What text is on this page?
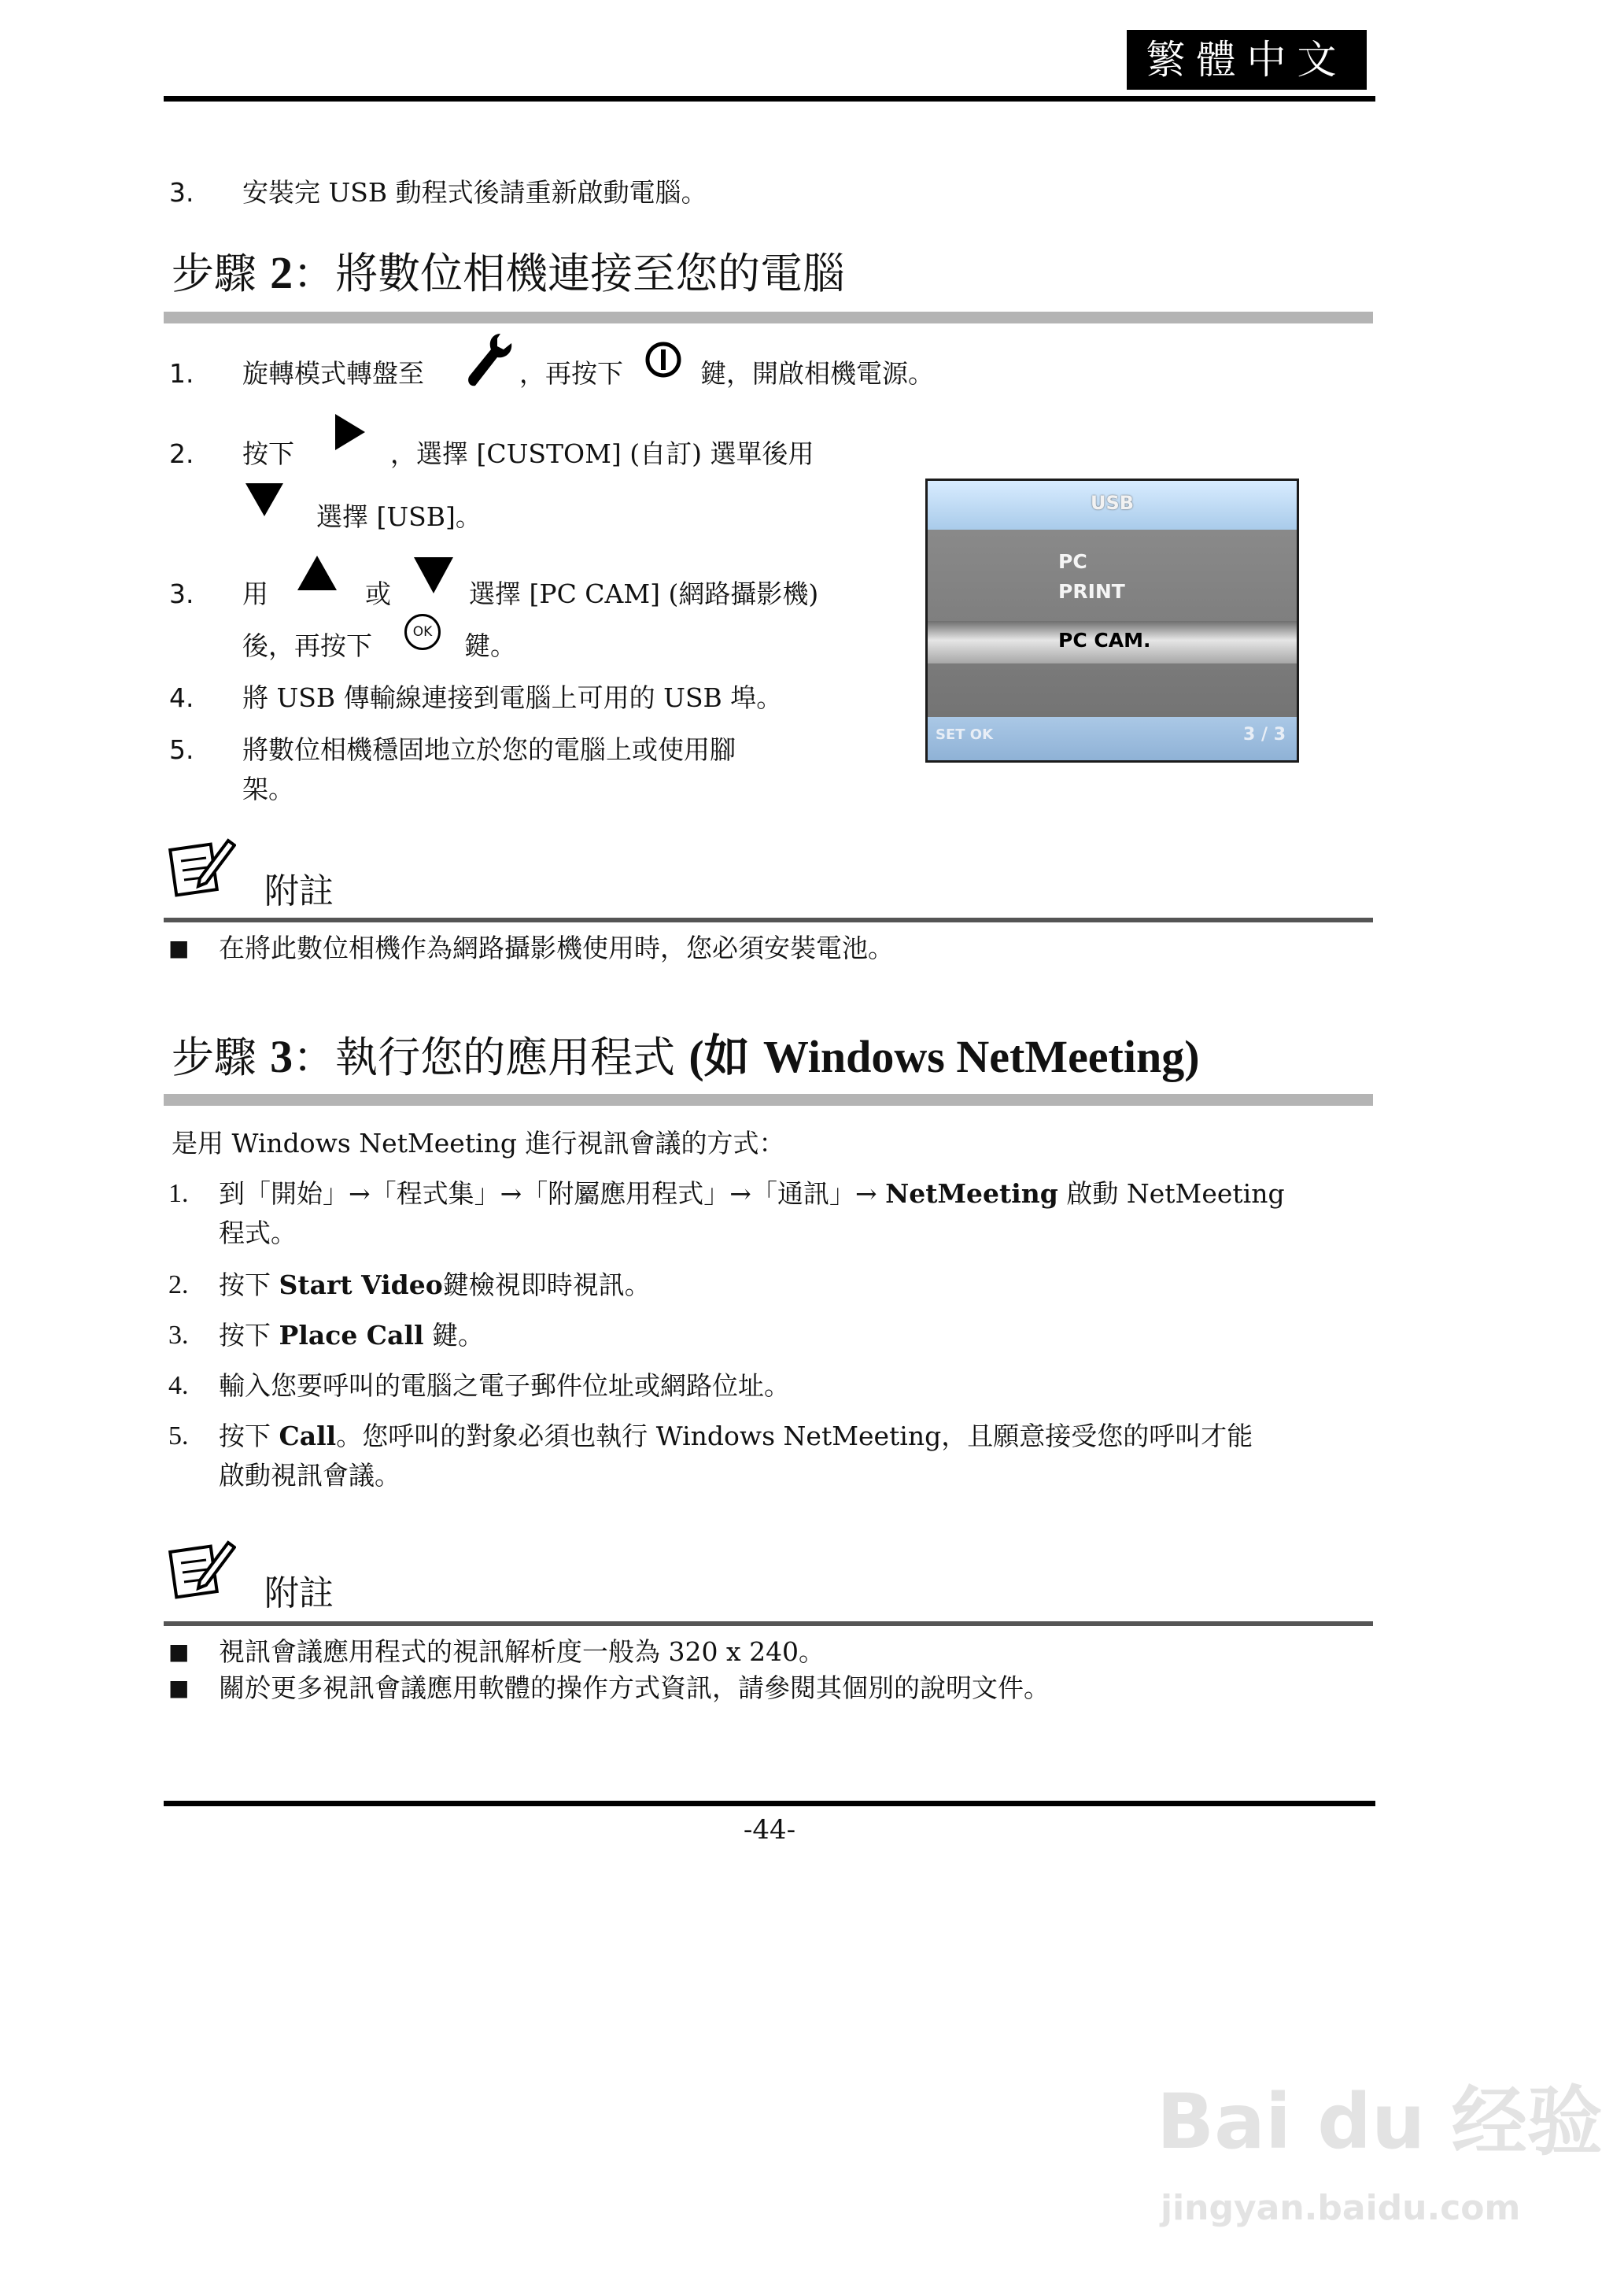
繁體中文
3. 安裝完 USB 動程式後請重新啟動電腦。
步驟 2：將數位相機連接至您的電腦
1. 旋轉模式轉盤至	，再按下	鍵，開啟相機電源。
2. 按下	，選擇 [CUSTOM] (自訂) 選單後用
選擇 [USB]。
3. 用	或	選擇 [PC CAM] (網路攝影機)
後，再按下	OK	鍵。
4. 將 USB 傳輸線連接到電腦上可用的 USB 埠。
5. 將數位相機穩固地立於您的電腦上或使用腳
架。
USB
PC
PRINT
PC CAM.
SET OK	3 / 3
附註
■ 在將此數位相機作為網路攝影機使用時，您必須安裝電池。
步驟 3：執行您的應用程式 (如 Windows NetMeeting)
是用 Windows NetMeeting 進行視訊會議的方式：
1. 到「開始」→「程式集」→「附屬應用程式」→「通訊」→ NetMeeting 啟動 NetMeeting
程式。
2. 按下 Start Video鍵檢視即時視訊。
3. 按下 Place Call 鍵。
4. 輸入您要呼叫的電腦之電子郵件位址或網路位址。
5. 按下 Call。您呼叫的對象必須也執行 Windows NetMeeting，且願意接受您的呼叫才能
啟動視訊會議。
附註
■ 視訊會議應用程式的視訊解析度一般為 320 x 240。
■ 關於更多視訊會議應用軟體的操作方式資訊，請參閱其個別的說明文件。
-44-
Bai du 经验
jingyan.baidu.com
